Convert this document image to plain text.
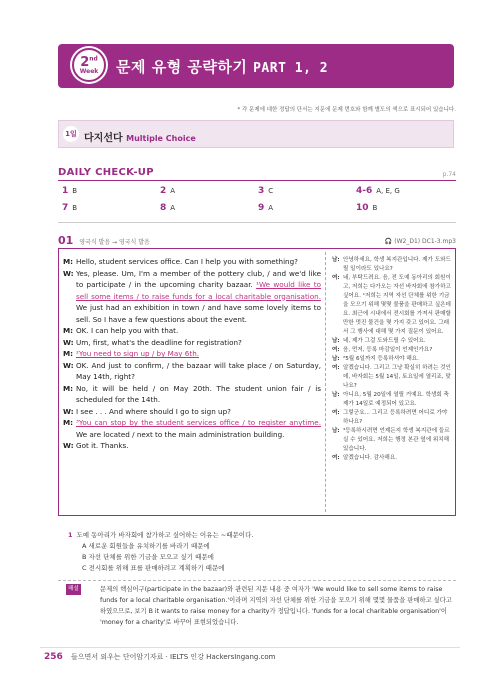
2nd
Week 문제 유형 공략하기 PART 1, 2
* 각 문제에 대한 정답의 단서는 지문에 문제 번호와 함께 별도의 색으로 표시되어 있습니다.
1일 다지선다 Multiple Choice
DAILY CHECK-UP	p.74
1 B	2 A	3 C	4-6 A, E, G
7 B	8 A	9 A	10 B
01 영국식 발음 → 영국식 발음	🎧 (W2_D1) DC1-3.mp3
M: Hello, student services office. Can I help you with something?
W: Yes, please. Um, I'm a member of the pottery club, / and we'd like to participate / in the upcoming charity bazaar. ¹We would like to sell some items / to raise funds for a local charitable organisation. We just had an exhibition in town / and have some lovely items to sell. So I have a few questions about the event.
M: OK. I can help you with that.
W: Um, first, what's the deadline for registration?
M: ²You need to sign up / by May 6th.
W: OK. And just to confirm, / the bazaar will take place / on Saturday, May 14th, right?
M: No, it will be held / on May 20th. The student union fair / is scheduled for the 14th.
W: I see . . . And where should I go to sign up?
M: ³You can stop by the student services office / to register anytime. We are located / next to the main administration building.
W: Got it. Thanks.
남: 안녕하세요, 학생 복지관입니다. 제가 도와드릴 일이라도 있나요?
여: 네, 부탁드려요. 음, 전 도예 동아리의 회원이고, 저희는 다가오는 자선 바자회에 참가하고 싶어요. ¹저희는 지역 자선 단체를 위한 기금을 모으기 위해 몇몇 물품을 판매하고 싶은데요. 최근에 시내에서 전시회를 가져서 판매할 만한 멋진 물건을 몇 가지 갖고 있어요. 그래서 그 행사에 대해 몇 가지 질문이 있어요.
남: 네, 제가 그걸 도와드릴 수 있어요.
여: 음, 먼저, 등록 마감일이 언제인가요?
남: ²5월 6일까지 등록하셔야 해요.
여: 알겠습니다. 그리고 그냥 확실히 하려는 것인데, 바자회는 5월 14일, 토요일에 열리죠, 맞나요?
남: 아니요, 5월 20일에 열릴 거예요. 학생회 축제가 14일로 예정되어 있고요.
여: 그렇군요... 그리고 등록하려면 어디로 가야 하나요?
남: ³등록하시려면 언제든지 학생 복지관에 들르실 수 있어요. 저희는 행정 본관 옆에 위치해 있습니다.
여: 알겠습니다. 감사해요.
1 도예 동아리가 바자회에 참가하고 싶어하는 이유는 ~때문이다.
A 새로운 회원들을 유치하기를 바라기 때문에
B 자선 단체를 위한 기금을 모으고 싶기 때문에
C 전시회를 위해 표를 판매하려고 계획하기 때문에
해설	문제의 핵심어구(participate in the bazaar)와 관련된 지문 내용 중 여자가 'We would like to sell some items to raise funds for a local charitable organisation.'이라며 지역의 자선 단체를 위한 기금을 모으기 위해 몇몇 물품을 판매하고 싶다고 하였으므로, 보기 B it wants to raise money for a charity가 정답입니다. 'funds for a local charitable organisation'이 'money for a charity'로 바꾸어 표현되었습니다.
256 들으면서 외우는 단어암기자료 · IELTS 인강 HackersIngang.com
